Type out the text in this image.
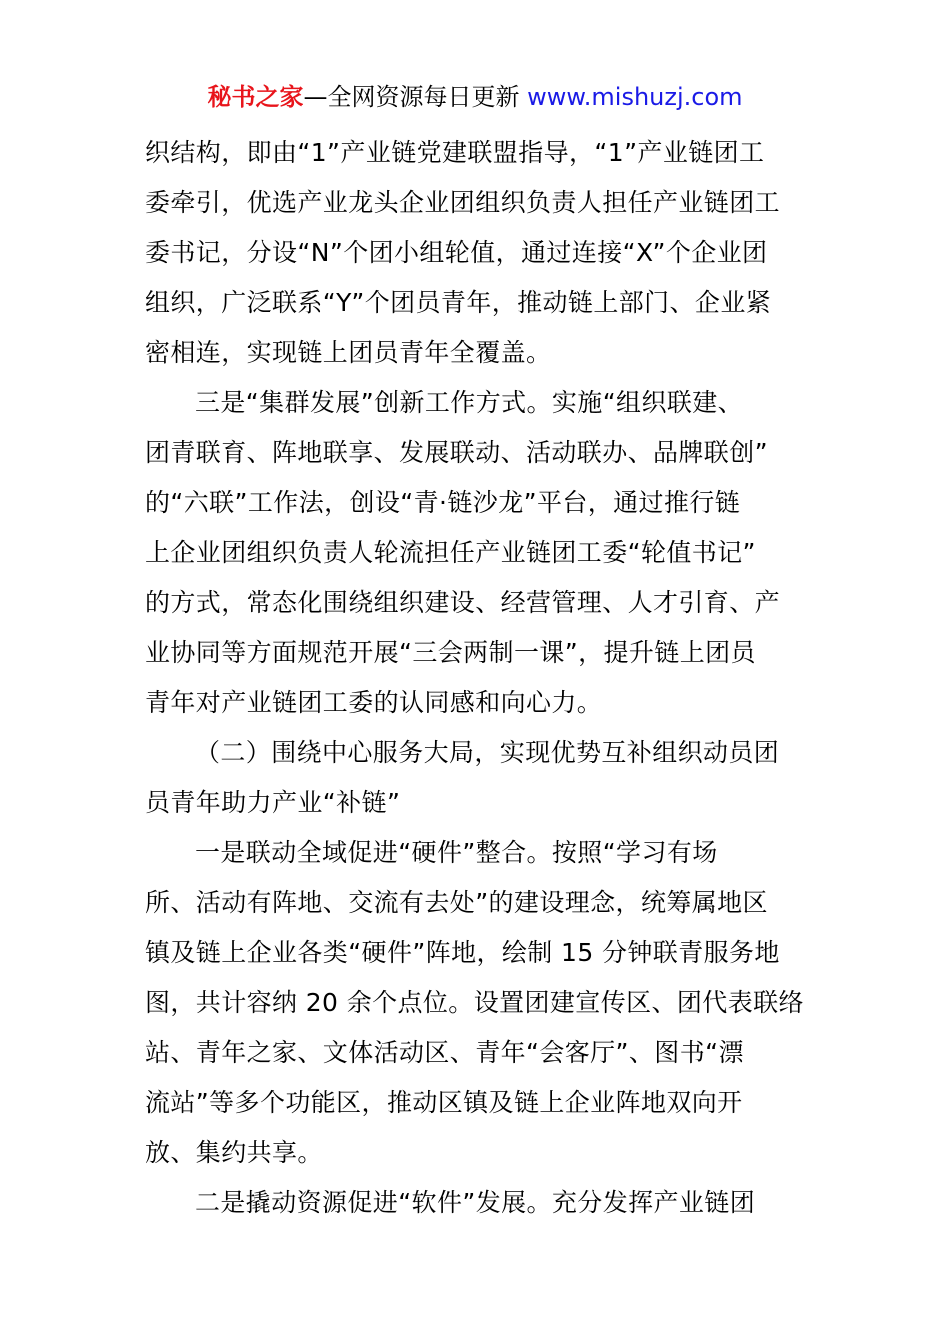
秘书之家—全网资源每日更新 www.mishuzj.com
织结构，即由“1”产业链党建联盟指导，“1”产业链团工
委牵引，优选产业龙头企业团组织负责人担任产业链团工
委书记，分设“N”个团小组轮值，通过连接“X”个企业团
组织，广泛联系“Y”个团员青年，推动链上部门、企业紧
密相连，实现链上团员青年全覆盖。
三是“集群发展”创新工作方式。实施“组织联建、
团青联育、阵地联享、发展联动、活动联办、品牌联创”
的“六联”工作法，创设“青·链沙龙”平台，通过推行链
上企业团组织负责人轮流担任产业链团工委“轮值书记”
的方式，常态化围绕组织建设、经营管理、人才引育、产
业协同等方面规范开展“三会两制一课”，提升链上团员
青年对产业链团工委的认同感和向心力。
（二）围绕中心服务大局，实现优势互补组织动员团
员青年助力产业“补链”
一是联动全域促进“硬件”整合。按照“学习有场
所、活动有阵地、交流有去处”的建设理念，统筹属地区
镇及链上企业各类“硬件”阵地，绘制 15 分钟联青服务地
图，共计容纳 20 余个点位。设置团建宣传区、团代表联络
站、青年之家、文体活动区、青年“会客厅”、图书“漂
流站”等多个功能区，推动区镇及链上企业阵地双向开
放、集约共享。
二是撬动资源促进“软件”发展。充分发挥产业链团
